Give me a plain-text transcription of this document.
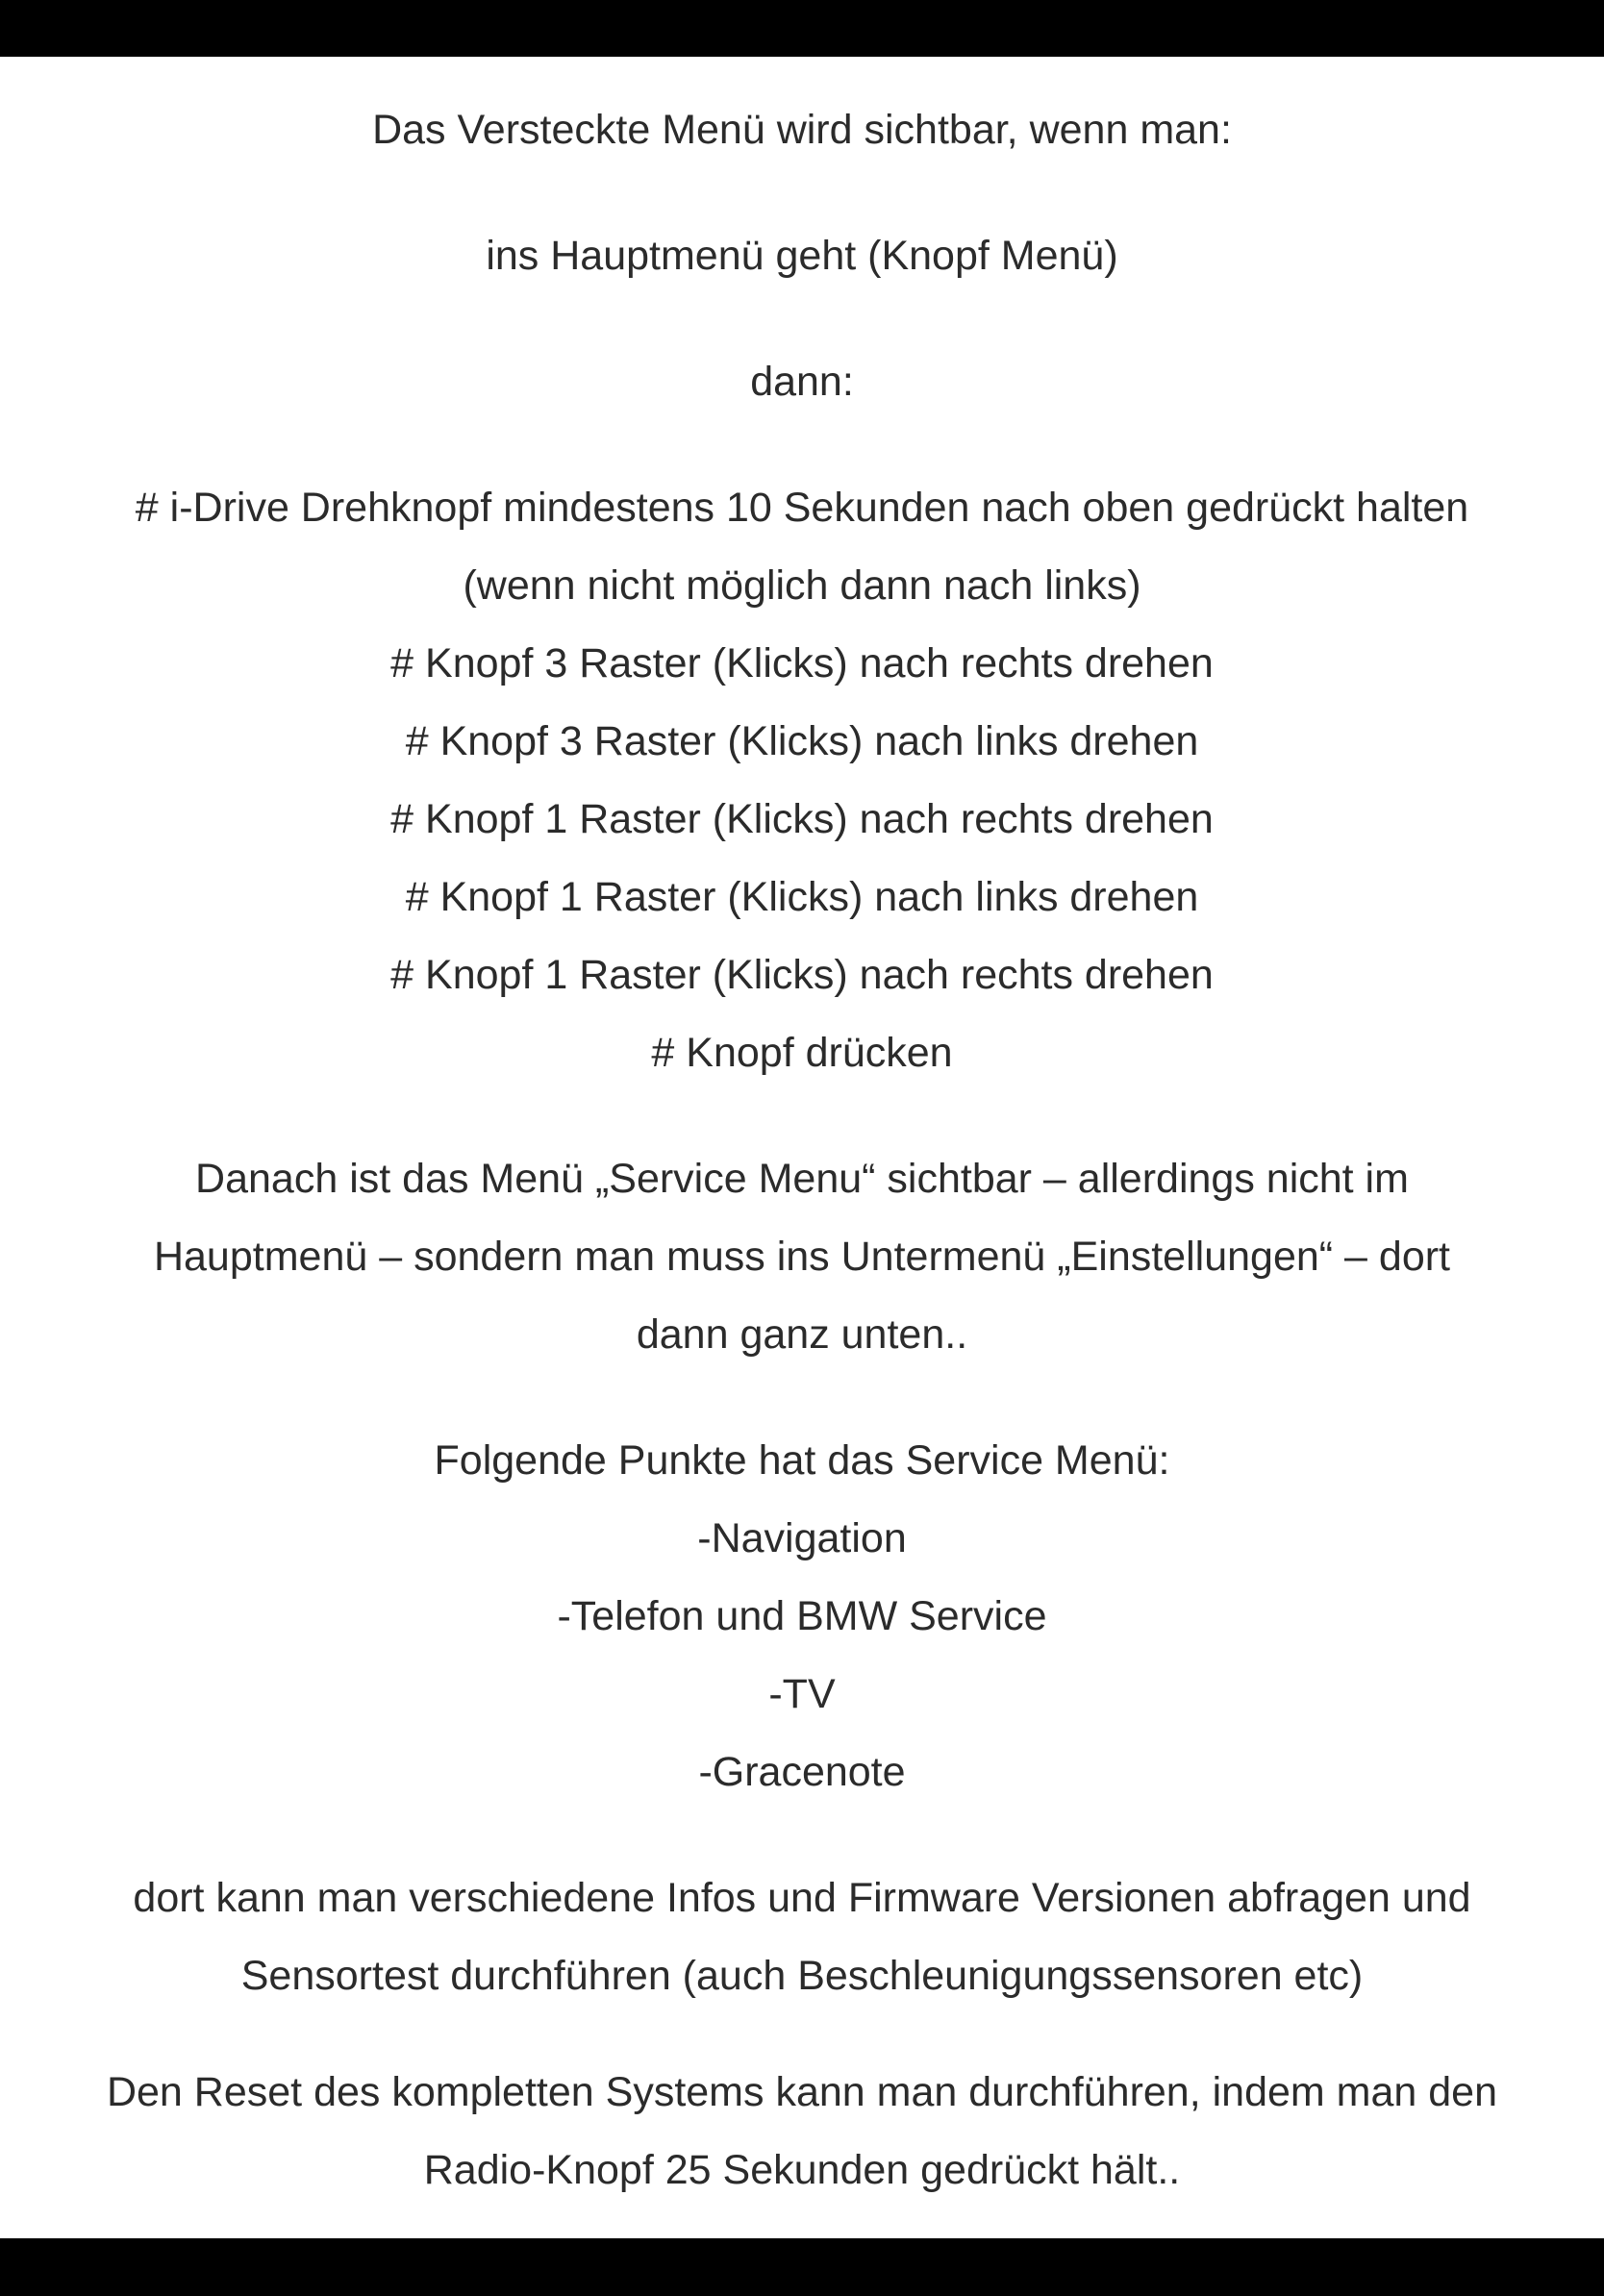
Das Versteckte Menü wird sichtbar, wenn man:

ins Hauptmenü geht (Knopf Menü)

dann:

# i-Drive Drehknopf mindestens 10 Sekunden nach oben gedrückt halten

(wenn nicht möglich dann nach links)

# Knopf 3 Raster (Klicks) nach rechts drehen

# Knopf 3 Raster (Klicks) nach links drehen

# Knopf 1 Raster (Klicks) nach rechts drehen

# Knopf 1 Raster (Klicks) nach links drehen

# Knopf 1 Raster (Klicks) nach rechts drehen

# Knopf drücken

Danach ist das Menü „Service Menu“ sichtbar – allerdings nicht im

Hauptmenü – sondern man muss ins Untermenü „Einstellungen“ – dort

dann ganz unten..

Folgende Punkte hat das Service Menü:

-Navigation

-Telefon und BMW Service

-TV

-Gracenote

dort kann man verschiedene Infos und Firmware Versionen abfragen und

Sensortest durchführen (auch Beschleunigungssensoren etc)

Den Reset des kompletten Systems kann man durchführen, indem man den

Radio-Knopf 25 Sekunden gedrückt hält..
